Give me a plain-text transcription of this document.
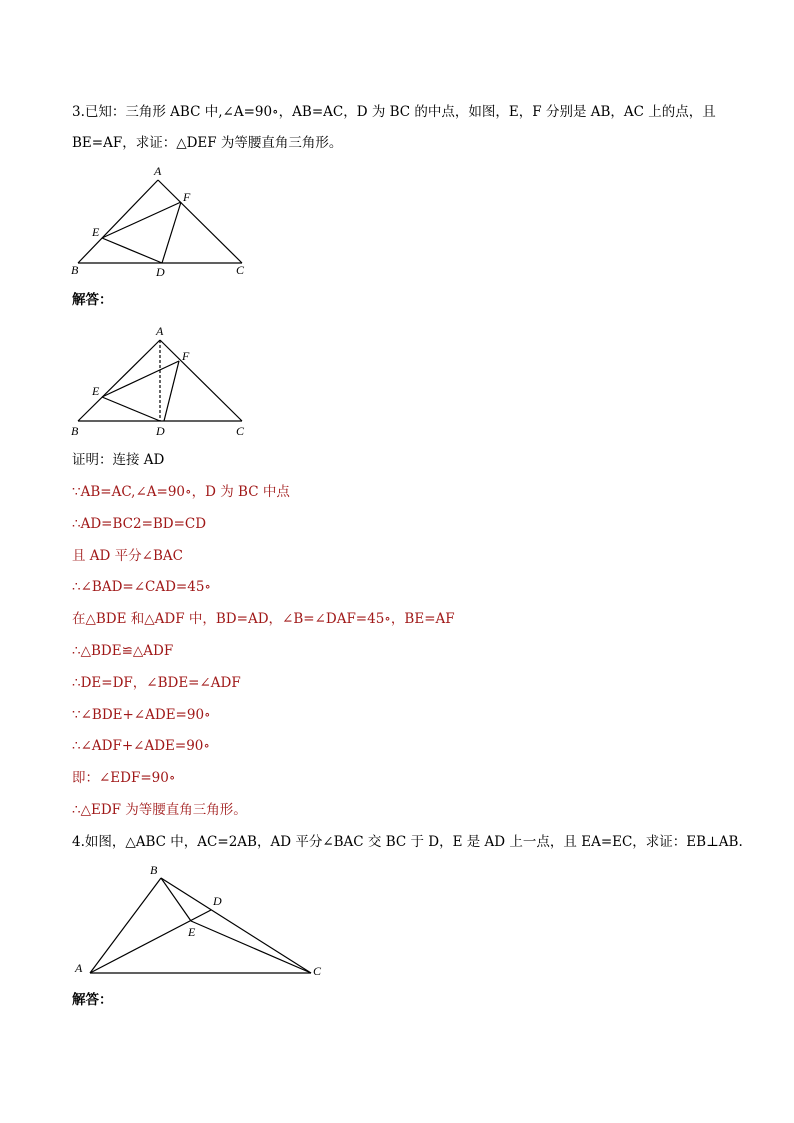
3.已知：三角形 ABC 中,∠A=90∘，AB=AC，D 为 BC 的中点，如图，E，F 分别是 AB，AC 上的点，且
BE=AF，求证：△DEF 为等腰直角三角形。
A
B	C
D
E
F
解答：
A
B	C
D
E
F
证明：连接 AD
∵AB=AC,∠A=90∘，D 为 BC 中点
∴AD=BC2=BD=CD
且 AD 平分∠BAC
∴∠BAD=∠CAD=45∘
在△BDE 和△ADF 中，BD=AD，∠B=∠DAF=45∘，BE=AF
∴△BDE≌△ADF
∴DE=DF，∠BDE=∠ADF
∵∠BDE+∠ADE=90∘
∴∠ADF+∠ADE=90∘
即：∠EDF=90∘
∴△EDF 为等腰直角三角形。
4.如图，△ABC 中，AC=2AB，AD 平分∠BAC 交 BC 于 D，E 是 AD 上一点，且 EA=EC，求证：EB⊥AB.
B
D
E
A	C
解答：
